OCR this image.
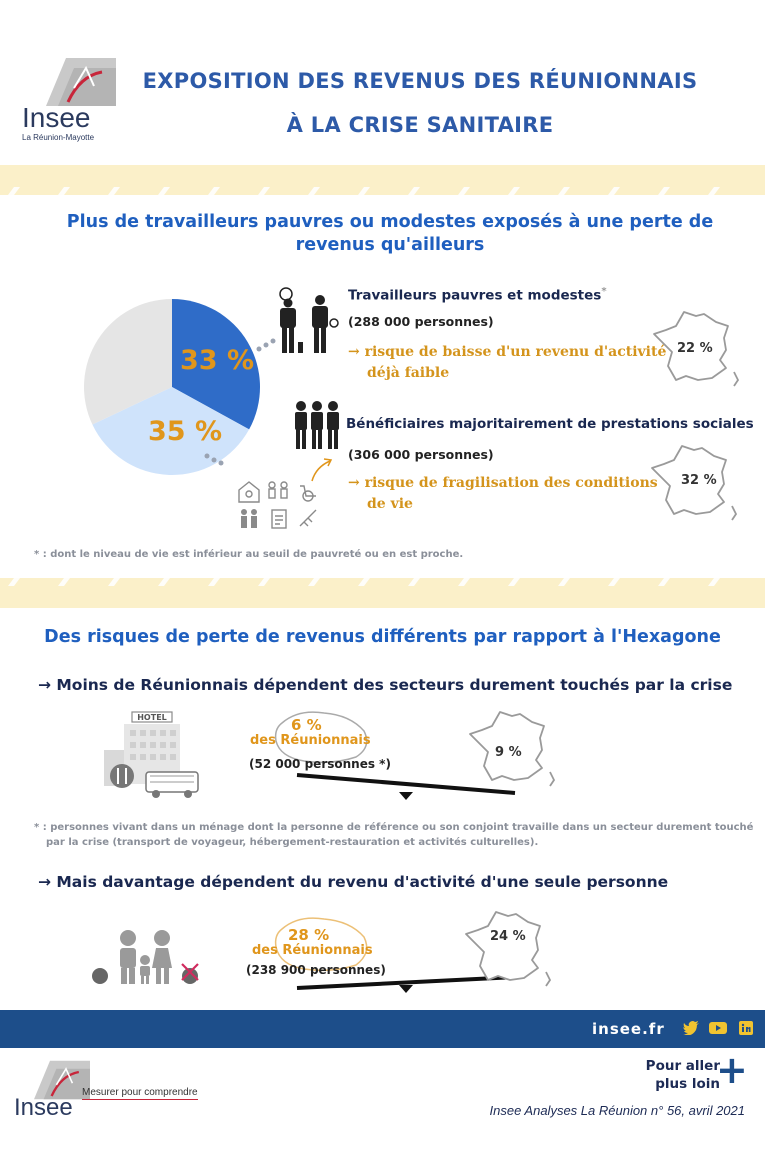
Insee
La Réunion-Mayotte
EXPOSITION DES REVENUS DES RÉUNIONNAIS
À LA CRISE SANITAIRE
Plus de travailleurs pauvres ou modestes exposés à une perte de revenus qu'ailleurs
33 %
35 %
Travailleurs pauvres et modestes*
(288 000 personnes)
→ risque de baisse d'un revenu d'activité
déjà faible
22 %
Bénéficiaires majoritairement de prestations sociales
(306 000 personnes)
→ risque de fragilisation des conditions
de vie
32 %
* : dont le niveau de vie est inférieur au seuil de pauvreté ou en est proche.
Des risques de perte de revenus différents par rapport à l'Hexagone
→ Moins de Réunionnais dépendent des secteurs durement touchés par la crise
HOTEL	6 %
des Réunionnais
(52 000 personnes *)
9 %
* : personnes vivant dans un ménage dont la personne de référence ou son conjoint travaille dans un secteur durement touché
par la crise (transport de voyageur, hébergement-restauration et activités culturelles).
→ Mais davantage dépendent du revenu d'activité d'une seule personne
28 %
des Réunionnais
(238 900 personnes)
24 %
insee.fr
Pour aller
plus loin
+
Insee
Mesurer pour comprendre
Insee Analyses La Réunion n° 56, avril 2021
